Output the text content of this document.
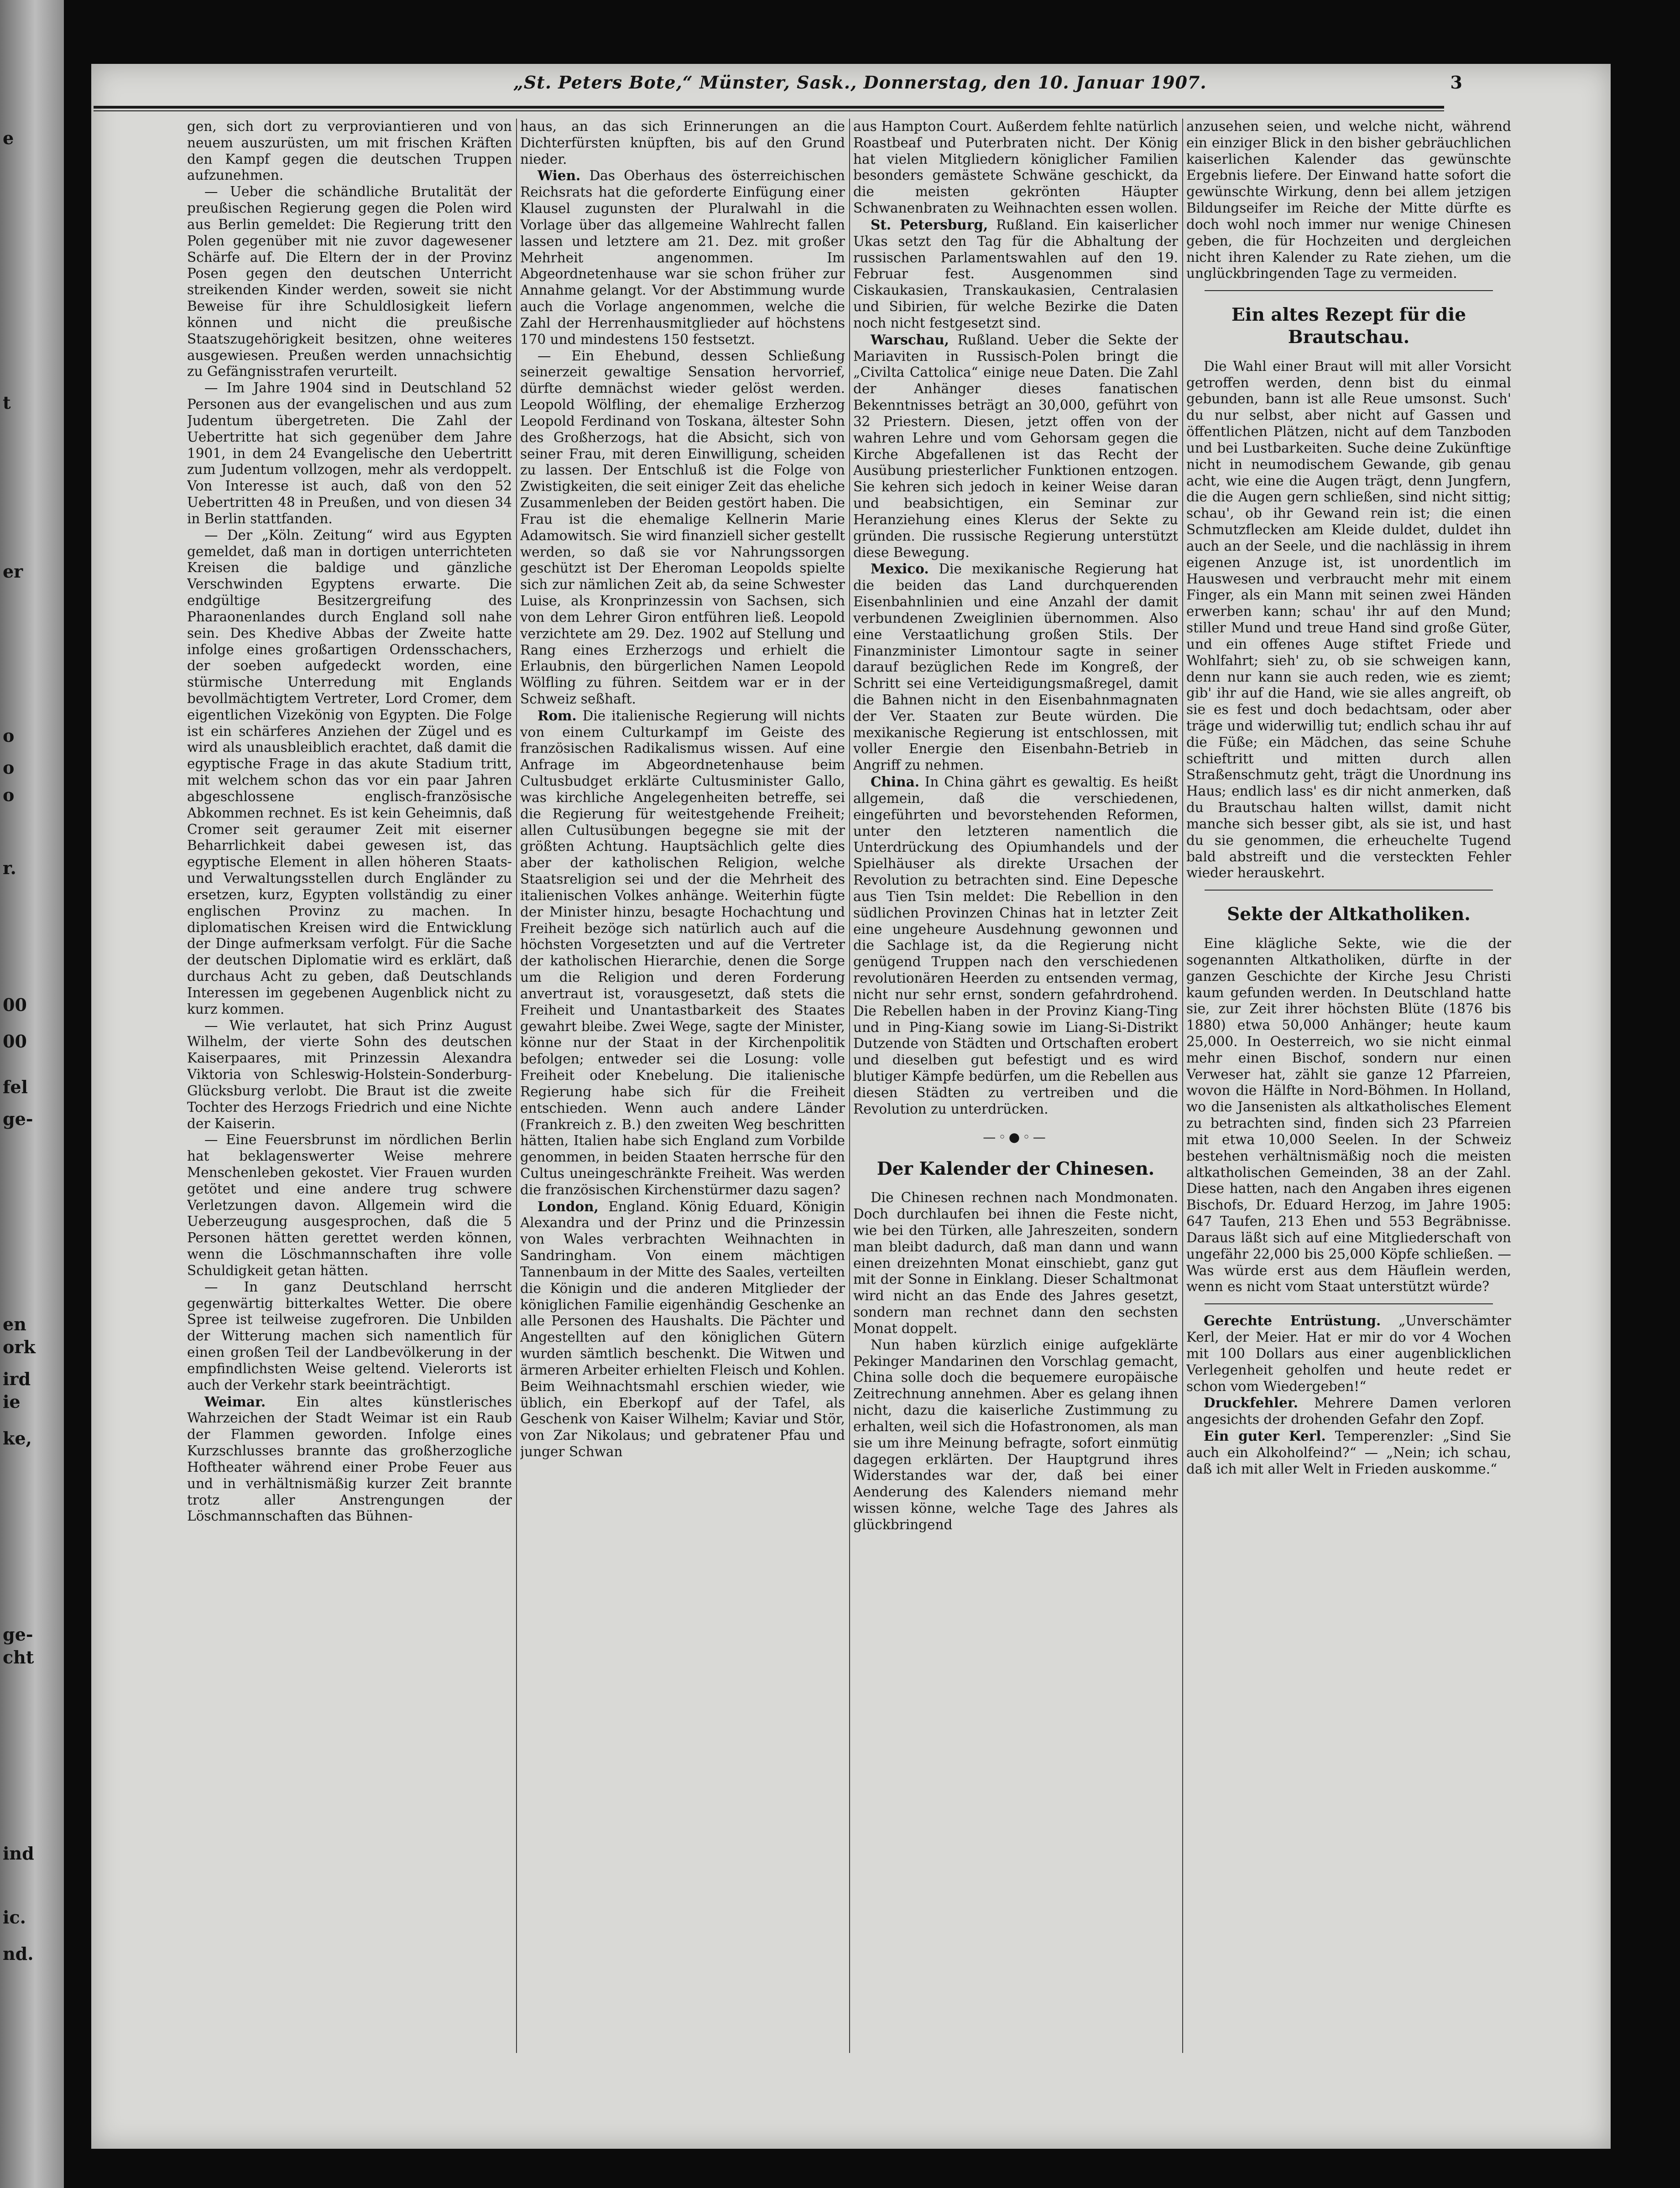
e
t
er
o
o
o
r.
00
00
fel
ge-
en
ork
ird
ie
ke,
ge-
cht
ind
ic.
nd.
„St. Peters Bote,“ Münster, Sask., Donnerstag, den 10. Januar 1907.	3

gen, sich dort zu verproviantieren und von neuem auszurüsten, um mit frischen Kräften den Kampf gegen die deutschen Truppen aufzunehmen.

— Ueber die schändliche Brutalität der preußischen Regierung gegen die Polen wird aus Berlin gemeldet: Die Regierung tritt den Polen gegenüber mit nie zuvor dagewesener Schärfe auf. Die Eltern der in der Provinz Posen gegen den deutschen Unterricht streikenden Kinder werden, soweit sie nicht Beweise für ihre Schuldlosigkeit liefern können und nicht die preußische Staatszugehörigkeit besitzen, ohne weiteres ausgewiesen. Preußen werden unnachsichtig zu Gefängnisstrafen verurteilt.

— Im Jahre 1904 sind in Deutschland 52 Personen aus der evangelischen und aus zum Judentum übergetreten. Die Zahl der Uebertritte hat sich gegenüber dem Jahre 1901, in dem 24 Evangelische den Uebertritt zum Judentum vollzogen, mehr als verdoppelt. Von Interesse ist auch, daß von den 52 Uebertritten 48 in Preußen, und von diesen 34 in Berlin stattfanden.

— Der „Köln. Zeitung“ wird aus Egypten gemeldet, daß man in dortigen unterrichteten Kreisen die baldige und gänzliche Verschwinden Egyptens erwarte. Die endgültige Besitzergreifung des Pharaonenlandes durch England soll nahe sein. Des Khedive Abbas der Zweite hatte infolge eines großartigen Ordensschachers, der soeben aufgedeckt worden, eine stürmische Unterredung mit Englands bevollmächtigtem Vertreter, Lord Cromer, dem eigentlichen Vizekönig von Egypten. Die Folge ist ein schärferes Anziehen der Zügel und es wird als unausbleiblich erachtet, daß damit die egyptische Frage in das akute Stadium tritt, mit welchem schon das vor ein paar Jahren abgeschlossene englisch-französische Abkommen rechnet. Es ist kein Geheimnis, daß Cromer seit geraumer Zeit mit eiserner Beharrlichkeit dabei gewesen ist, das egyptische Element in allen höheren Staats- und Verwaltungsstellen durch Engländer zu ersetzen, kurz, Egypten vollständig zu einer englischen Provinz zu machen. In diplomatischen Kreisen wird die Entwicklung der Dinge aufmerksam verfolgt. Für die Sache der deutschen Diplomatie wird es erklärt, daß durchaus Acht zu geben, daß Deutschlands Interessen im gegebenen Augenblick nicht zu kurz kommen.

— Wie verlautet, hat sich Prinz August Wilhelm, der vierte Sohn des deutschen Kaiserpaares, mit Prinzessin Alexandra Viktoria von Schleswig-Holstein-Sonderburg-Glücksburg verlobt. Die Braut ist die zweite Tochter des Herzogs Friedrich und eine Nichte der Kaiserin.

— Eine Feuersbrunst im nördlichen Berlin hat beklagenswerter Weise mehrere Menschenleben gekostet. Vier Frauen wurden getötet und eine andere trug schwere Verletzungen davon. Allgemein wird die Ueberzeugung ausgesprochen, daß die 5 Personen hätten gerettet werden können, wenn die Löschmannschaften ihre volle Schuldigkeit getan hätten.

— In ganz Deutschland herrscht gegenwärtig bitterkaltes Wetter. Die obere Spree ist teilweise zugefroren. Die Unbilden der Witterung machen sich namentlich für einen großen Teil der Landbevölkerung in der empfindlichsten Weise geltend. Vielerorts ist auch der Verkehr stark beeinträchtigt.

Weimar. Ein altes künstlerisches Wahrzeichen der Stadt Weimar ist ein Raub der Flammen geworden. Infolge eines Kurzschlusses brannte das großherzogliche Hoftheater während einer Probe Feuer aus und in verhältnismäßig kurzer Zeit brannte trotz aller Anstrengungen der Löschmannschaften das Bühnen-

haus, an das sich Erinnerungen an die Dichterfürsten knüpften, bis auf den Grund nieder.

Wien. Das Oberhaus des österreichischen Reichsrats hat die geforderte Einfügung einer Klausel zugunsten der Pluralwahl in die Vorlage über das allgemeine Wahlrecht fallen lassen und letztere am 21. Dez. mit großer Mehrheit angenommen. Im Abgeordnetenhause war sie schon früher zur Annahme gelangt. Vor der Abstimmung wurde auch die Vorlage angenommen, welche die Zahl der Herrenhausmitglieder auf höchstens 170 und mindestens 150 festsetzt.

— Ein Ehebund, dessen Schließung seinerzeit gewaltige Sensation hervorrief, dürfte demnächst wieder gelöst werden. Leopold Wölfling, der ehemalige Erzherzog Leopold Ferdinand von Toskana, ältester Sohn des Großherzogs, hat die Absicht, sich von seiner Frau, mit deren Einwilligung, scheiden zu lassen. Der Entschluß ist die Folge von Zwistigkeiten, die seit einiger Zeit das eheliche Zusammenleben der Beiden gestört haben. Die Frau ist die ehemalige Kellnerin Marie Adamowitsch. Sie wird finanziell sicher gestellt werden, so daß sie vor Nahrungssorgen geschützt ist Der Eheroman Leopolds spielte sich zur nämlichen Zeit ab, da seine Schwester Luise, als Kronprinzessin von Sachsen, sich von dem Lehrer Giron entführen ließ. Leopold verzichtete am 29. Dez. 1902 auf Stellung und Rang eines Erzherzogs und erhielt die Erlaubnis, den bürgerlichen Namen Leopold Wölfling zu führen. Seitdem war er in der Schweiz seßhaft.

Rom. Die italienische Regierung will nichts von einem Culturkampf im Geiste des französischen Radikalismus wissen. Auf eine Anfrage im Abgeordnetenhause beim Cultusbudget erklärte Cultusminister Gallo, was kirchliche Angelegenheiten betreffe, sei die Regierung für weitestgehende Freiheit; allen Cultusübungen begegne sie mit der größten Achtung. Hauptsächlich gelte dies aber der katholischen Religion, welche Staatsreligion sei und der die Mehrheit des italienischen Volkes anhänge. Weiterhin fügte der Minister hinzu, besagte Hochachtung und Freiheit bezöge sich natürlich auch auf die höchsten Vorgesetzten und auf die Vertreter der katholischen Hierarchie, denen die Sorge um die Religion und deren Forderung anvertraut ist, vorausgesetzt, daß stets die Freiheit und Unantastbarkeit des Staates gewahrt bleibe. Zwei Wege, sagte der Minister, könne nur der Staat in der Kirchenpolitik befolgen; entweder sei die Losung: volle Freiheit oder Knebelung. Die italienische Regierung habe sich für die Freiheit entschieden. Wenn auch andere Länder (Frankreich z. B.) den zweiten Weg beschritten hätten, Italien habe sich England zum Vorbilde genommen, in beiden Staaten herrsche für den Cultus uneingeschränkte Freiheit. Was werden die französischen Kirchenstürmer dazu sagen?

London, England. König Eduard, Königin Alexandra und der Prinz und die Prinzessin von Wales verbrachten Weihnachten in Sandringham. Von einem mächtigen Tannenbaum in der Mitte des Saales, verteilten die Königin und die anderen Mitglieder der königlichen Familie eigenhändig Geschenke an alle Personen des Haushalts. Die Pächter und Angestellten auf den königlichen Gütern wurden sämtlich beschenkt. Die Witwen und ärmeren Arbeiter erhielten Fleisch und Kohlen. Beim Weihnachtsmahl erschien wieder, wie üblich, ein Eberkopf auf der Tafel, als Geschenk von Kaiser Wilhelm; Kaviar und Stör, von Zar Nikolaus; und gebratener Pfau und junger Schwan

aus Hampton Court. Außerdem fehlte natürlich Roastbeaf und Puterbraten nicht. Der König hat vielen Mitgliedern königlicher Familien besonders gemästete Schwäne geschickt, da die meisten gekrönten Häupter Schwanenbraten zu Weihnachten essen wollen.

St. Petersburg, Rußland. Ein kaiserlicher Ukas setzt den Tag für die Abhaltung der russischen Parlamentswahlen auf den 19. Februar fest. Ausgenommen sind Ciskaukasien, Transkaukasien, Centralasien und Sibirien, für welche Bezirke die Daten noch nicht festgesetzt sind.

Warschau, Rußland. Ueber die Sekte der Mariaviten in Russisch-Polen bringt die „Civilta Cattolica“ einige neue Daten. Die Zahl der Anhänger dieses fanatischen Bekenntnisses beträgt an 30,000, geführt von 32 Priestern. Diesen, jetzt offen von der wahren Lehre und vom Gehorsam gegen die Kirche Abgefallenen ist das Recht der Ausübung priesterlicher Funktionen entzogen. Sie kehren sich jedoch in keiner Weise daran und beabsichtigen, ein Seminar zur Heranziehung eines Klerus der Sekte zu gründen. Die russische Regierung unterstützt diese Bewegung.

Mexico. Die mexikanische Regierung hat die beiden das Land durchquerenden Eisenbahnlinien und eine Anzahl der damit verbundenen Zweiglinien übernommen. Also eine Verstaatlichung großen Stils. Der Finanzminister Limontour sagte in seiner darauf bezüglichen Rede im Kongreß, der Schritt sei eine Verteidigungsmaßregel, damit die Bahnen nicht in den Eisenbahnmagnaten der Ver. Staaten zur Beute würden. Die mexikanische Regierung ist entschlossen, mit voller Energie den Eisenbahn-Betrieb in Angriff zu nehmen.

China. In China gährt es gewaltig. Es heißt allgemein, daß die verschiedenen, eingeführten und bevorstehenden Reformen, unter den letzteren namentlich die Unterdrückung des Opiumhandels und der Spielhäuser als direkte Ursachen der Revolution zu betrachten sind. Eine Depesche aus Tien Tsin meldet: Die Rebellion in den südlichen Provinzen Chinas hat in letzter Zeit eine ungeheure Ausdehnung gewonnen und die Sachlage ist, da die Regierung nicht genügend Truppen nach den verschiedenen revolutionären Heerden zu entsenden vermag, nicht nur sehr ernst, sondern gefahrdrohend. Die Rebellen haben in der Provinz Kiang-Ting und in Ping-Kiang sowie im Liang-Si-Distrikt Dutzende von Städten und Ortschaften erobert und dieselben gut befestigt und es wird blutiger Kämpfe bedürfen, um die Rebellen aus diesen Städten zu vertreiben und die Revolution zu unterdrücken.

—◦●◦—
Der Kalender der Chinesen.

Die Chinesen rechnen nach Mondmonaten. Doch durchlaufen bei ihnen die Feste nicht, wie bei den Türken, alle Jahreszeiten, sondern man bleibt dadurch, daß man dann und wann einen dreizehnten Monat einschiebt, ganz gut mit der Sonne in Einklang. Dieser Schaltmonat wird nicht an das Ende des Jahres gesetzt, sondern man rechnet dann den sechsten Monat doppelt.

Nun haben kürzlich einige aufgeklärte Pekinger Mandarinen den Vorschlag gemacht, China solle doch die bequemere europäische Zeitrechnung annehmen. Aber es gelang ihnen nicht, dazu die kaiserliche Zustimmung zu erhalten, weil sich die Hofastronomen, als man sie um ihre Meinung befragte, sofort einmütig dagegen erklärten. Der Hauptgrund ihres Widerstandes war der, daß bei einer Aenderung des Kalenders niemand mehr wissen könne, welche Tage des Jahres als glückbringend

anzusehen seien, und welche nicht, während ein einziger Blick in den bisher gebräuchlichen kaiserlichen Kalender das gewünschte Ergebnis liefere. Der Einwand hatte sofort die gewünschte Wirkung, denn bei allem jetzigen Bildungseifer im Reiche der Mitte dürfte es doch wohl noch immer nur wenige Chinesen geben, die für Hochzeiten und dergleichen nicht ihren Kalender zu Rate ziehen, um die unglückbringenden Tage zu vermeiden.

Ein altes Rezept für die Brautschau.

Die Wahl einer Braut will mit aller Vorsicht getroffen werden, denn bist du einmal gebunden, bann ist alle Reue umsonst. Such' du nur selbst, aber nicht auf Gassen und öffentlichen Plätzen, nicht auf dem Tanzboden und bei Lustbarkeiten. Suche deine Zukünftige nicht in neumodischem Gewande, gib genau acht, wie eine die Augen trägt, denn Jungfern, die die Augen gern schließen, sind nicht sittig; schau', ob ihr Gewand rein ist; die einen Schmutzflecken am Kleide duldet, duldet ihn auch an der Seele, und die nachlässig in ihrem eigenen Anzuge ist, ist unordentlich im Hauswesen und verbraucht mehr mit einem Finger, als ein Mann mit seinen zwei Händen erwerben kann; schau' ihr auf den Mund; stiller Mund und treue Hand sind große Güter, und ein offenes Auge stiftet Friede und Wohlfahrt; sieh' zu, ob sie schweigen kann, denn nur kann sie auch reden, wie es ziemt; gib' ihr auf die Hand, wie sie alles angreift, ob sie es fest und doch bedachtsam, oder aber träge und widerwillig tut; endlich schau ihr auf die Füße; ein Mädchen, das seine Schuhe schieftritt und mitten durch allen Straßenschmutz geht, trägt die Unordnung ins Haus; endlich lass' es dir nicht anmerken, daß du Brautschau halten willst, damit nicht manche sich besser gibt, als sie ist, und hast du sie genommen, die erheuchelte Tugend bald abstreift und die versteckten Fehler wieder herauskehrt.

Sekte der Altkatholiken.

Eine klägliche Sekte, wie die der sogenannten Altkatholiken, dürfte in der ganzen Geschichte der Kirche Jesu Christi kaum gefunden werden. In Deutschland hatte sie, zur Zeit ihrer höchsten Blüte (1876 bis 1880) etwa 50,000 Anhänger; heute kaum 25,000. In Oesterreich, wo sie nicht einmal mehr einen Bischof, sondern nur einen Verweser hat, zählt sie ganze 12 Pfarreien, wovon die Hälfte in Nord-Böhmen. In Holland, wo die Jansenisten als altkatholisches Element zu betrachten sind, finden sich 23 Pfarreien mit etwa 10,000 Seelen. In der Schweiz bestehen verhältnismäßig noch die meisten altkatholischen Gemeinden, 38 an der Zahl. Diese hatten, nach den Angaben ihres eigenen Bischofs, Dr. Eduard Herzog, im Jahre 1905: 647 Taufen, 213 Ehen und 553 Begräbnisse. Daraus läßt sich auf eine Mitgliederschaft von ungefähr 22,000 bis 25,000 Köpfe schließen. — Was würde erst aus dem Häuflein werden, wenn es nicht vom Staat unterstützt würde?

Gerechte Entrüstung. „Unverschämter Kerl, der Meier. Hat er mir do vor 4 Wochen mit 100 Dollars aus einer augenblicklichen Verlegenheit geholfen und heute redet er schon vom Wiedergeben!“

Druckfehler. Mehrere Damen verloren angesichts der drohenden Gefahr den Zopf.

Ein guter Kerl. Temperenzler: „Sind Sie auch ein Alkoholfeind?“ — „Nein; ich schau, daß ich mit aller Welt in Frieden auskomme.“
